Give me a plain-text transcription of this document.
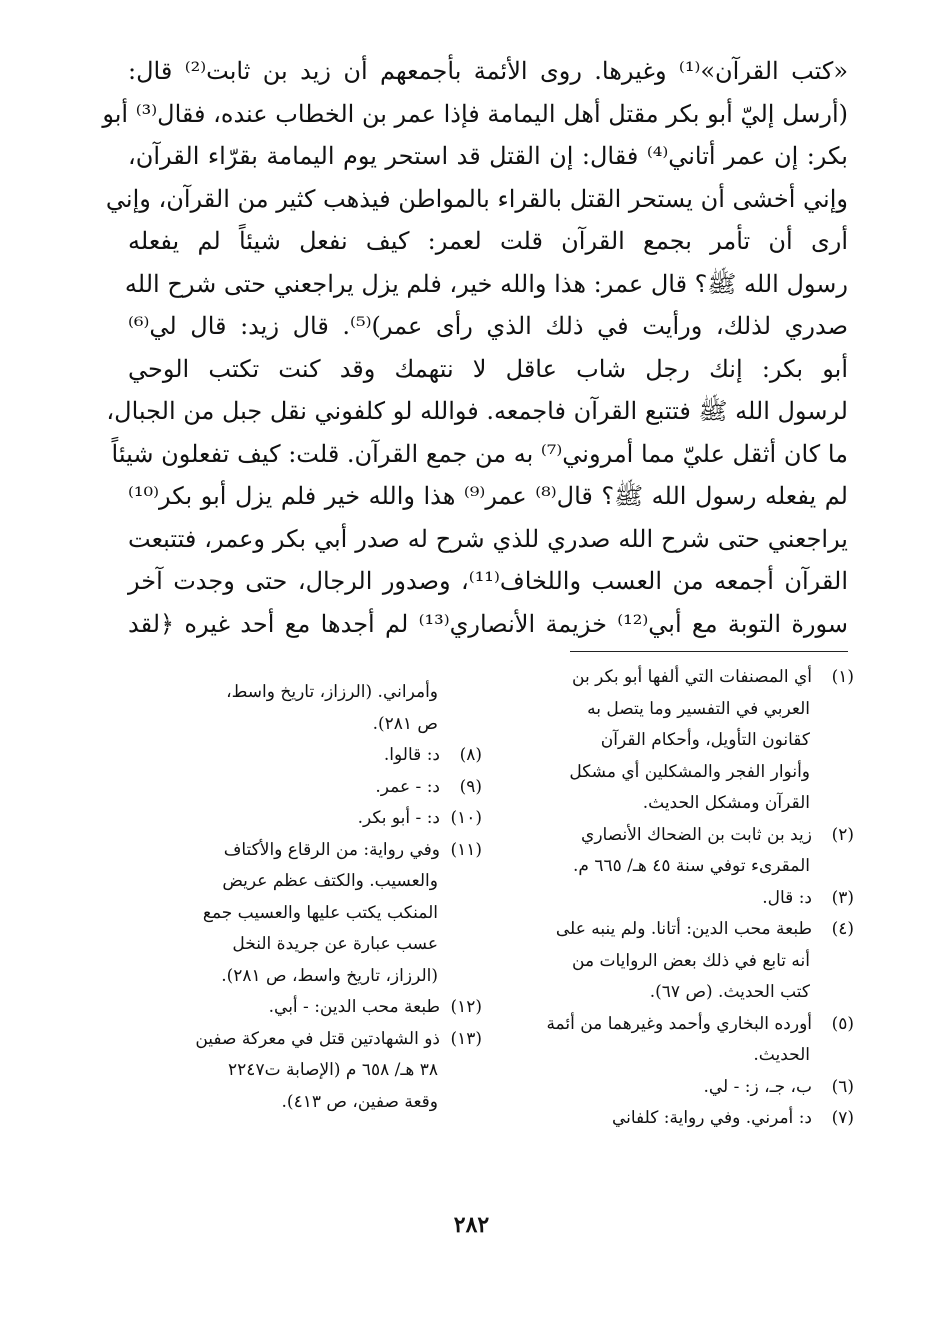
«كتب القرآن»⁽¹⁾ وغيرها. روى الأئمة بأجمعهم أن زيد بن ثابت⁽²⁾ قال:
(أرسل إليّ أبو بكر مقتل أهل اليمامة فإذا عمر بن الخطاب عنده، فقال⁽³⁾ أبو
بكر: إن عمر أتاني⁽⁴⁾ فقال: إن القتل قد استحر يوم اليمامة بقرّاء القرآن،
وإني أخشى أن يستحر القتل بالقراء بالمواطن فيذهب كثير من القرآن، وإني
أرى أن تأمر بجمع القرآن قلت لعمر: كيف نفعل شيئاً لم يفعله
رسول الله ﷺ؟ قال عمر: هذا والله خير، فلم يزل يراجعني حتى شرح الله
صدري لذلك، ورأيت في ذلك الذي رأى عمر)⁽⁵⁾. قال زيد: قال لي⁽⁶⁾
أبو بكر: إنك رجل شاب عاقل لا نتهمك وقد كنت تكتب الوحي
لرسول الله ﷺ فتتبع القرآن فاجمعه. فوالله لو كلفوني نقل جبل من الجبال،
ما كان أثقل عليّ مما أمروني⁽⁷⁾ به من جمع القرآن. قلت: كيف تفعلون شيئاً
لم يفعله رسول الله ﷺ؟ قال⁽⁸⁾ عمر⁽⁹⁾ هذا والله خير فلم يزل أبو بكر⁽¹⁰⁾
يراجعني حتى شرح الله صدري للذي شرح له صدر أبي بكر وعمر، فتتبعت
القرآن أجمعه من العسب واللخاف⁽¹¹⁾، وصدور الرجال، حتى وجدت آخر
سورة التوبة مع أبي⁽¹²⁾ خزيمة الأنصاري⁽¹³⁾ لم أجدها مع أحد غيره ﴿لقد
(١)أي المصنفات التي ألفها أبو بكر بن
العربي في التفسير وما يتصل به
كقانون التأويل، وأحكام القرآن
وأنوار الفجر والمشكلين أي مشكل
القرآن ومشكل الحديث.
(٢)زيد بن ثابت بن الضحاك الأنصاري
المقرىء توفي سنة ٤٥ هـ/ ٦٦٥ م.
(٣)د: قال.
(٤)طبعة محب الدين: أتانا. ولم ينبه على
أنه تابع في ذلك بعض الروايات من
كتب الحديث. (ص ٦٧).
(٥)أورده البخاري وأحمد وغيرهما من أئمة
الحديث.
(٦)ب، جـ، ز: - لي.
(٧)د: أمرني. وفي رواية: كلفاني
وأمراني. (الرزاز، تاريخ واسط،
ص ٢٨١).
(٨)د: قالوا.
(٩)د: - عمر.
(١٠)د: - أبو بكر.
(١١)وفي رواية: من الرقاع والأكتاف
والعسيب. والكتف عظم عريض
المنكب يكتب عليها والعسيب جمع
عسب عبارة عن جريدة النخل
(الرزاز، تاريخ واسط، ص ٢٨١).
(١٢)طبعة محب الدين: - أبي.
(١٣)ذو الشهادتين قتل في معركة صفين
٣٨ هـ/ ٦٥٨ م (الإصابة ت٢٢٤٧
وقعة صفين، ص ٤١٣).
٢٨٢
